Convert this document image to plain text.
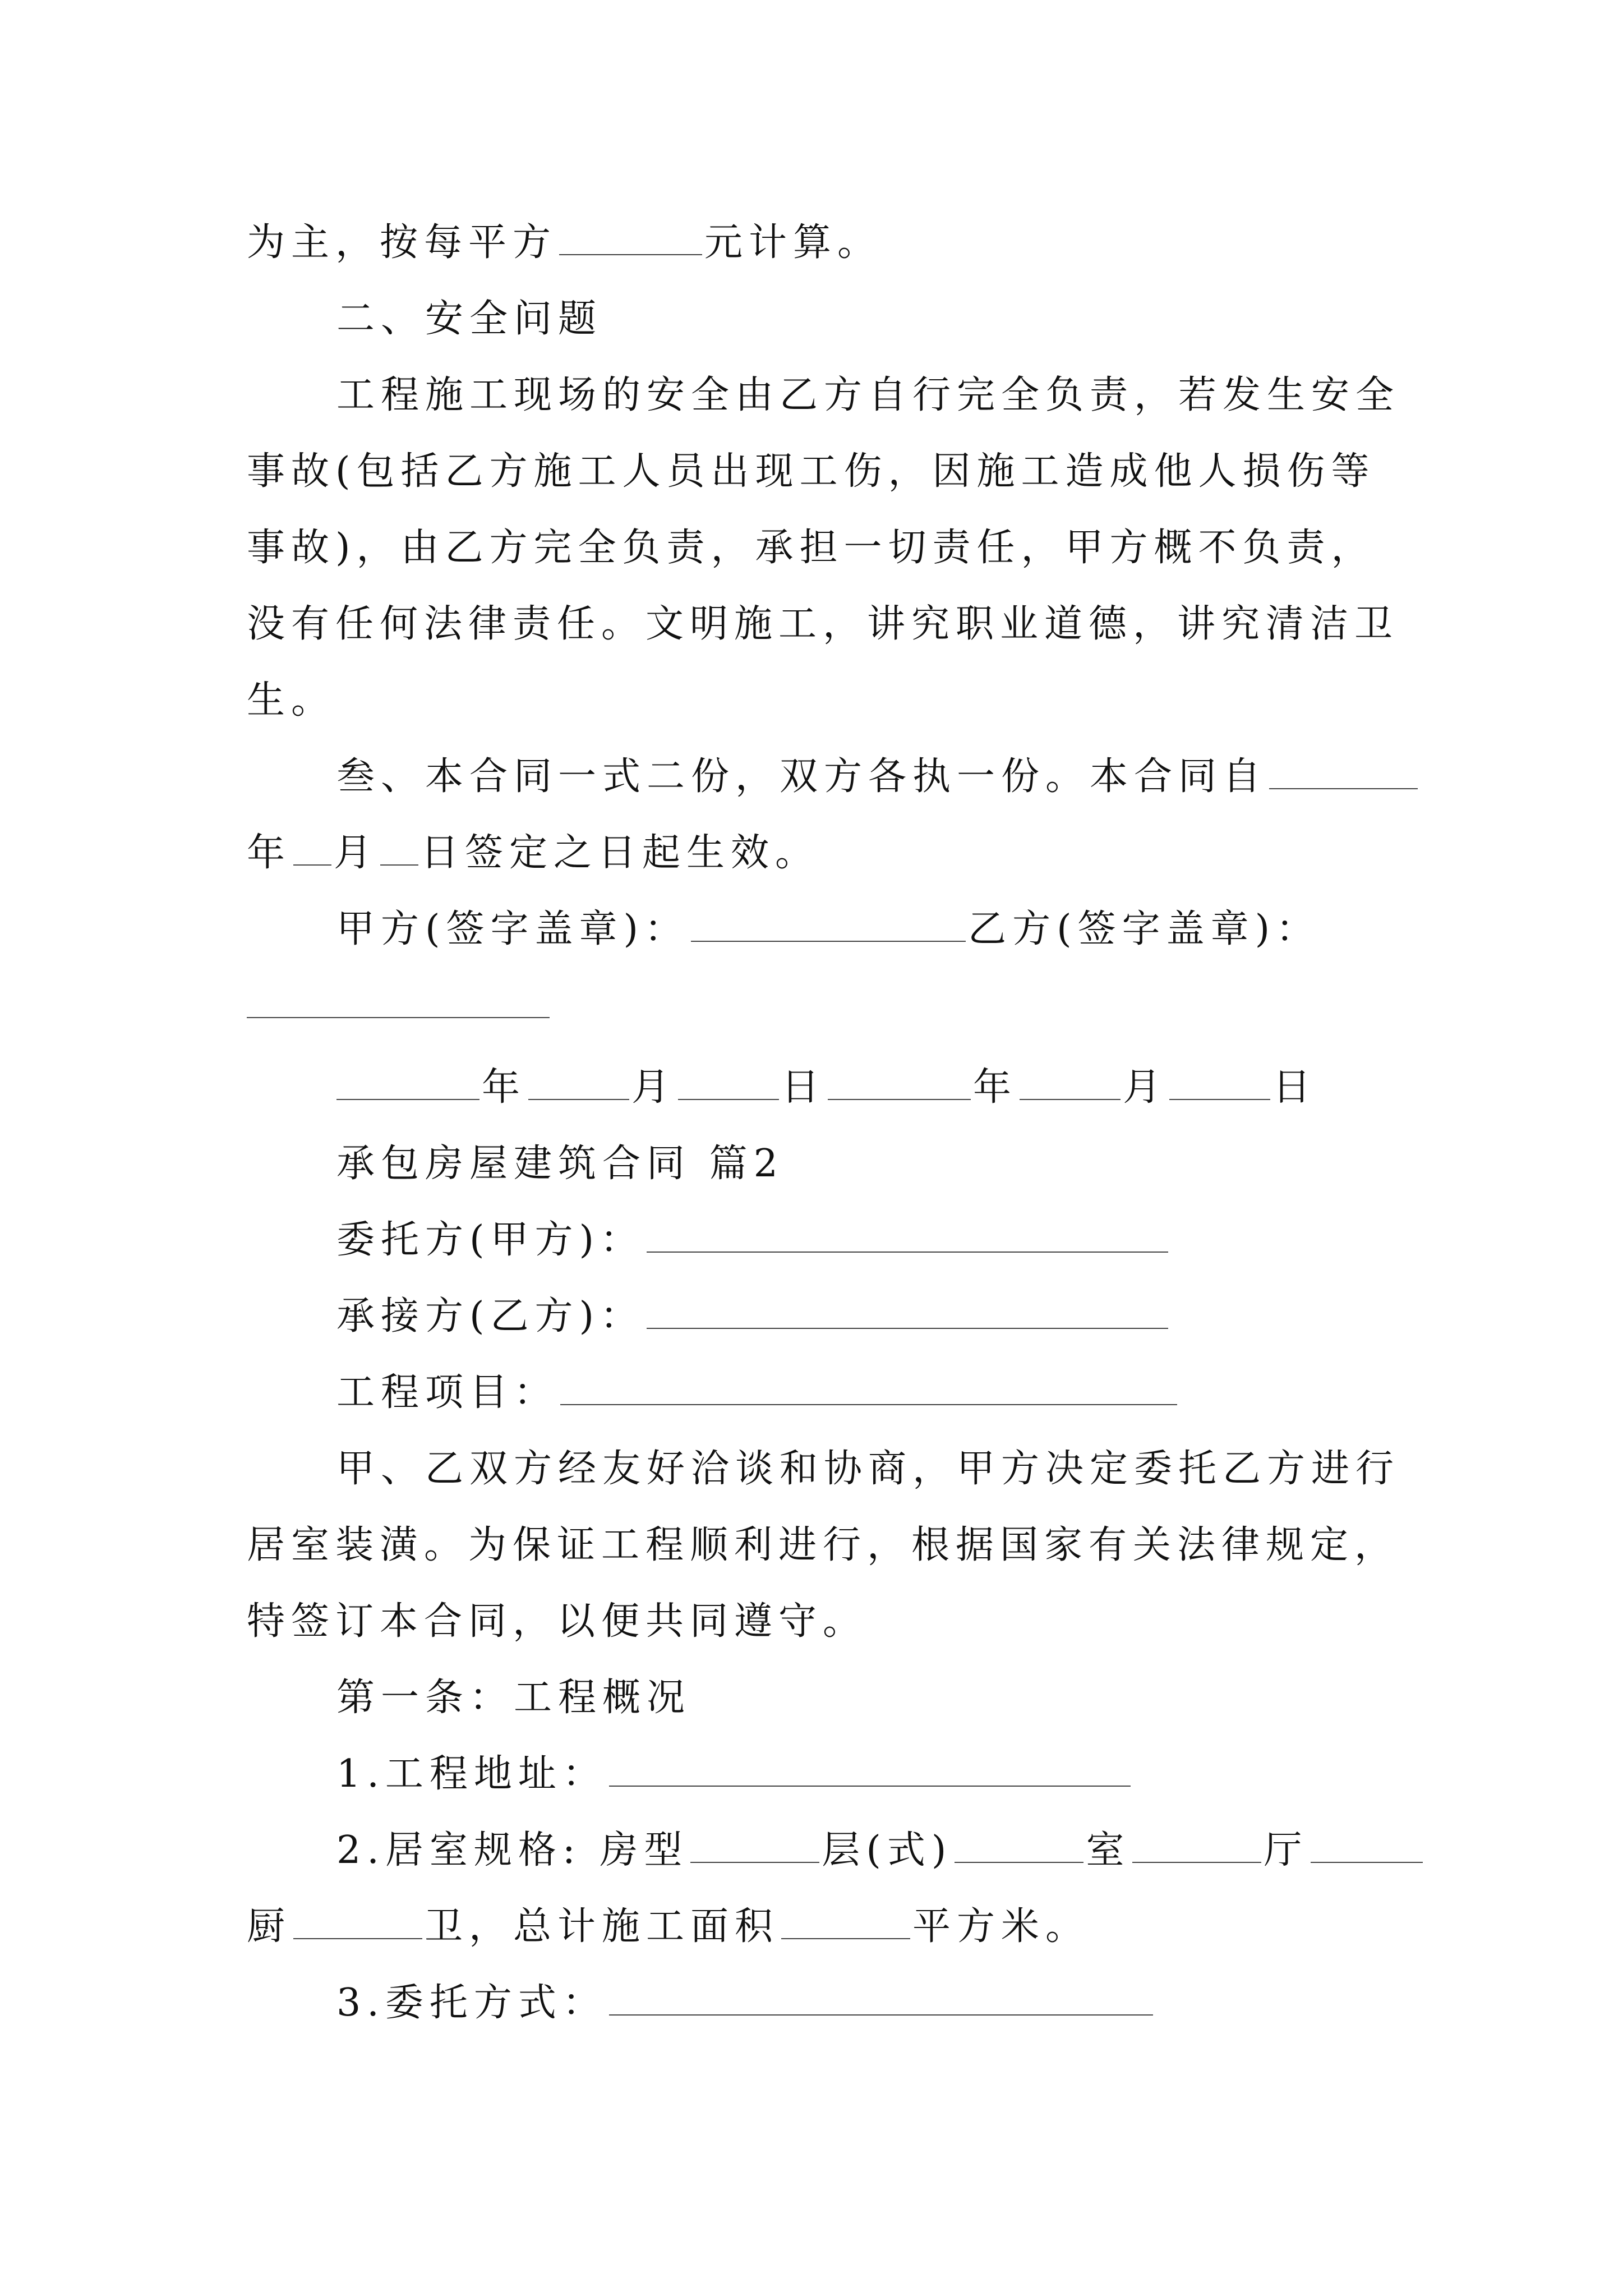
为主，按每平方	元计算。
二、安全问题
工程施工现场的安全由乙方自行完全负责，若发生安全
事故(包括乙方施工人员出现工伤，因施工造成他人损伤等
事故)，由乙方完全负责，承担一切责任，甲方概不负责，
没有任何法律责任。文明施工，讲究职业道德，讲究清洁卫
生。
叁、本合同一式二份，双方各执一份。本合同自
年 月 日签定之日起生效。
甲方(签字盖章)：	乙方(签字盖章)：
年	月	日	年	月	日
承包房屋建筑合同 篇2
委托方(甲方)：
承接方(乙方)：
工程项目：
甲、乙双方经友好洽谈和协商，甲方决定委托乙方进行
居室装潢。为保证工程顺利进行，根据国家有关法律规定，
特签订本合同，以便共同遵守。
第一条：工程概况
1.工程地址：
2.居室规格: 房型	层(式)	室	厅
厨	卫，总计施工面积	平方米。
3.委托方式：
